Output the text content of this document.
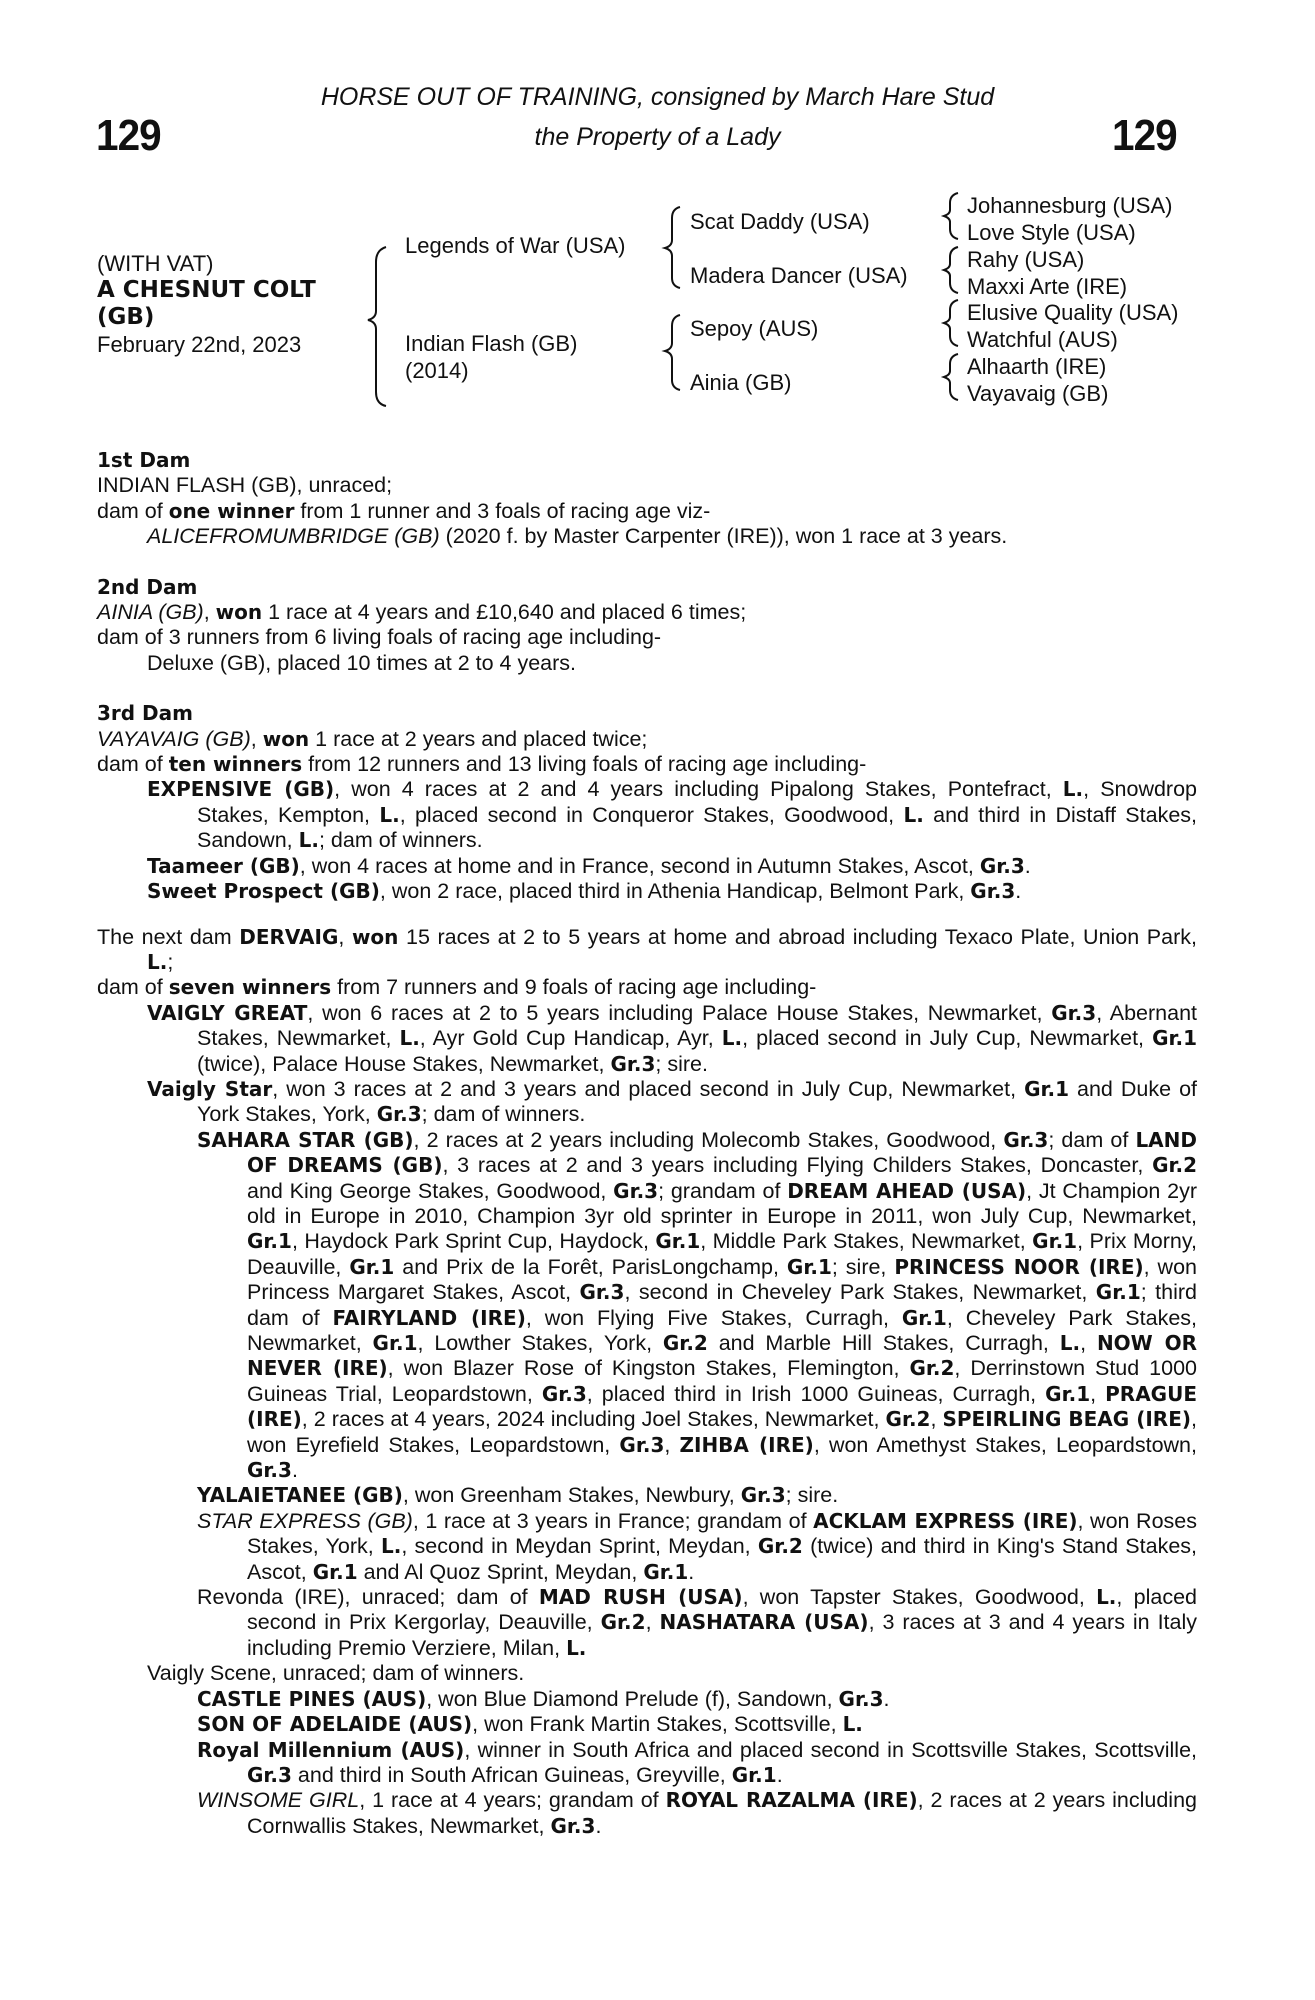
129	129
HORSE OUT OF TRAINING, consigned by March Hare Stud
the Property of a Lady
(WITH VAT)
A CHESNUT COLT
(GB)
February 22nd, 2023
Legends of War (USA)
Indian Flash (GB)
(2014)
Scat Daddy (USA)
Madera Dancer (USA)
Sepoy (AUS)
Ainia (GB)
Johannesburg (USA)
Love Style (USA)
Rahy (USA)
Maxxi Arte (IRE)
Elusive Quality (USA)
Watchful (AUS)
Alhaarth (IRE)
Vayavaig (GB)

1st Dam

INDIAN FLASH (GB), unraced;

dam of one winner from 1 runner and 3 foals of racing age viz-

ALICEFROMUMBRIDGE (GB) (2020 f. by Master Carpenter (IRE)), won 1 race at 3 years.

2nd Dam

AINIA (GB), won 1 race at 4 years and £10,640 and placed 6 times;

dam of 3 runners from 6 living foals of racing age including-

Deluxe (GB), placed 10 times at 2 to 4 years.

3rd Dam

VAYAVAIG (GB), won 1 race at 2 years and placed twice;

dam of ten winners from 12 runners and 13 living foals of racing age including-

EXPENSIVE (GB), won 4 races at 2 and 4 years including Pipalong Stakes, Pontefract, L., Snowdrop Stakes, Kempton, L., placed second in Conqueror Stakes, Goodwood, L. and third in Distaff Stakes, Sandown, L.; dam of winners.

Taameer (GB), won 4 races at home and in France, second in Autumn Stakes, Ascot, Gr.3.

Sweet Prospect (GB), won 2 race, placed third in Athenia Handicap, Belmont Park, Gr.3.

The next dam DERVAIG, won 15 races at 2 to 5 years at home and abroad including Texaco Plate, Union Park, L.;

dam of seven winners from 7 runners and 9 foals of racing age including-

VAIGLY GREAT, won 6 races at 2 to 5 years including Palace House Stakes, Newmarket, Gr.3, Abernant Stakes, Newmarket, L., Ayr Gold Cup Handicap, Ayr, L., placed second in July Cup, Newmarket, Gr.1 (twice), Palace House Stakes, Newmarket, Gr.3; sire.

Vaigly Star, won 3 races at 2 and 3 years and placed second in July Cup, Newmarket, Gr.1 and Duke of York Stakes, York, Gr.3; dam of winners.

SAHARA STAR (GB), 2 races at 2 years including Molecomb Stakes, Goodwood, Gr.3; dam of LAND OF DREAMS (GB), 3 races at 2 and 3 years including Flying Childers Stakes, Doncaster, Gr.2 and King George Stakes, Goodwood, Gr.3; grandam of DREAM AHEAD (USA), Jt Champion 2yr old in Europe in 2010, Champion 3yr old sprinter in Europe in 2011, won July Cup, Newmarket, Gr.1, Haydock Park Sprint Cup, Haydock, Gr.1, Middle Park Stakes, Newmarket, Gr.1, Prix Morny, Deauville, Gr.1 and Prix de la Forêt, ParisLongchamp, Gr.1; sire, PRINCESS NOOR (IRE), won Princess Margaret Stakes, Ascot, Gr.3, second in Cheveley Park Stakes, Newmarket, Gr.1; third dam of FAIRYLAND (IRE), won Flying Five Stakes, Curragh, Gr.1, Cheveley Park Stakes, Newmarket, Gr.1, Lowther Stakes, York, Gr.2 and Marble Hill Stakes, Curragh, L., NOW OR NEVER (IRE), won Blazer Rose of Kingston Stakes, Flemington, Gr.2, Derrinstown Stud 1000 Guineas Trial, Leopardstown, Gr.3, placed third in Irish 1000 Guineas, Curragh, Gr.1, PRAGUE (IRE), 2 races at 4 years, 2024 including Joel Stakes, Newmarket, Gr.2, SPEIRLING BEAG (IRE), won Eyrefield Stakes, Leopardstown, Gr.3, ZIHBA (IRE), won Amethyst Stakes, Leopardstown, Gr.3.

YALAIETANEE (GB), won Greenham Stakes, Newbury, Gr.3; sire.

STAR EXPRESS (GB), 1 race at 3 years in France; grandam of ACKLAM EXPRESS (IRE), won Roses Stakes, York, L., second in Meydan Sprint, Meydan, Gr.2 (twice) and third in King's Stand Stakes, Ascot, Gr.1 and Al Quoz Sprint, Meydan, Gr.1.

Revonda (IRE), unraced; dam of MAD RUSH (USA), won Tapster Stakes, Goodwood, L., placed second in Prix Kergorlay, Deauville, Gr.2, NASHATARA (USA), 3 races at 3 and 4 years in Italy including Premio Verziere, Milan, L.

Vaigly Scene, unraced; dam of winners.

CASTLE PINES (AUS), won Blue Diamond Prelude (f), Sandown, Gr.3.

SON OF ADELAIDE (AUS), won Frank Martin Stakes, Scottsville, L.

Royal Millennium (AUS), winner in South Africa and placed second in Scottsville Stakes, Scottsville, Gr.3 and third in South African Guineas, Greyville, Gr.1.

WINSOME GIRL, 1 race at 4 years; grandam of ROYAL RAZALMA (IRE), 2 races at 2 years including Cornwallis Stakes, Newmarket, Gr.3.
